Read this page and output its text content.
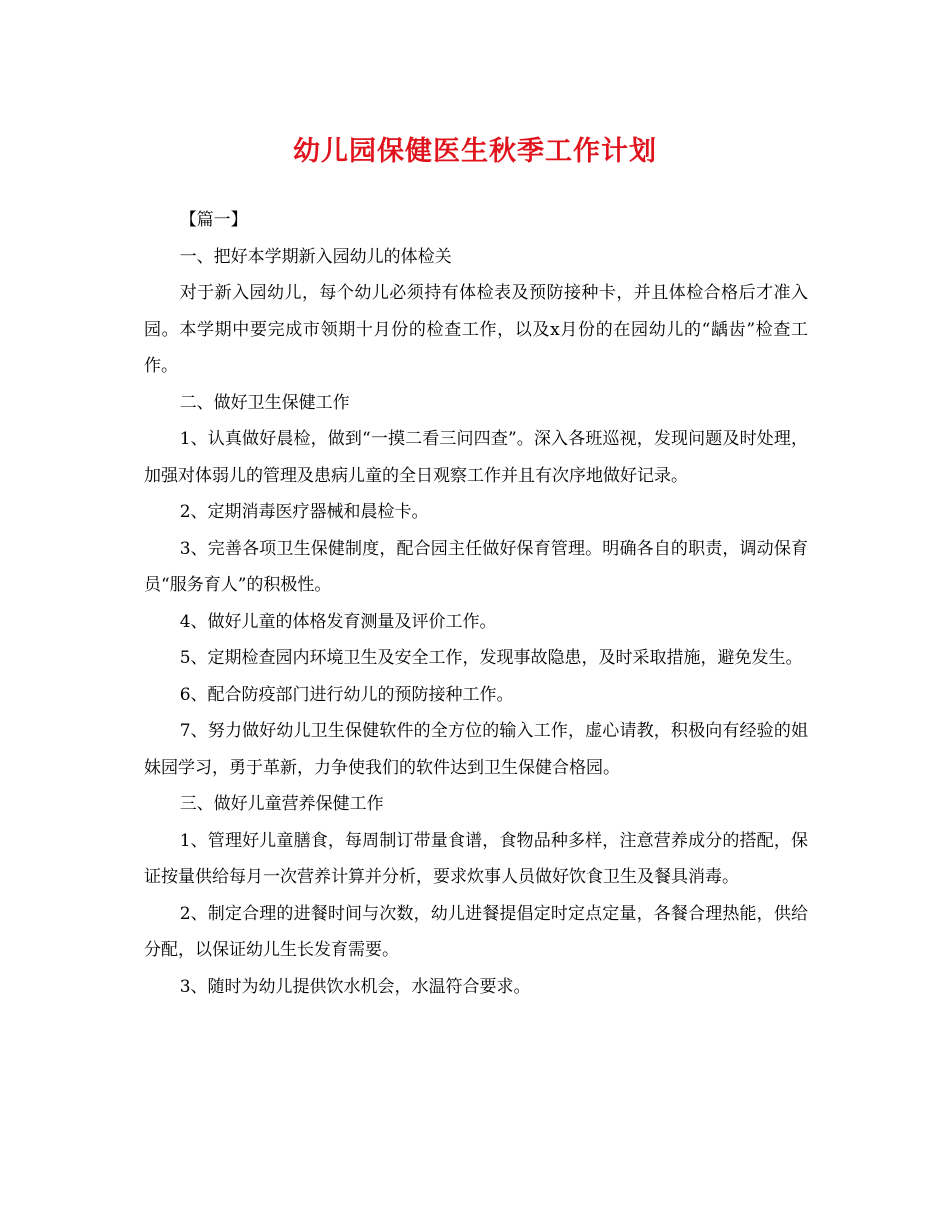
幼儿园保健医生秋季工作计划

【篇一】

一、把好本学期新入园幼儿的体检关

对于新入园幼儿，每个幼儿必须持有体检表及预防接种卡，并且体检合格后才准入园。本学期中要完成市领期十月份的检查工作，以及x月份的在园幼儿的“龋齿”检查工作。

二、做好卫生保健工作

1、认真做好晨检，做到“一摸二看三问四查”。深入各班巡视，发现问题及时处理，加强对体弱儿的管理及患病儿童的全日观察工作并且有次序地做好记录。

2、定期消毒医疗器械和晨检卡。

3、完善各项卫生保健制度，配合园主任做好保育管理。明确各自的职责，调动保育员“服务育人”的积极性。

4、做好儿童的体格发育测量及评价工作。

5、定期检查园内环境卫生及安全工作，发现事故隐患，及时采取措施，避免发生。

6、配合防疫部门进行幼儿的预防接种工作。

7、努力做好幼儿卫生保健软件的全方位的输入工作，虚心请教，积极向有经验的姐妹园学习，勇于革新，力争使我们的软件达到卫生保健合格园。

三、做好儿童营养保健工作

1、管理好儿童膳食，每周制订带量食谱，食物品种多样，注意营养成分的搭配，保证按量供给每月一次营养计算并分析，要求炊事人员做好饮食卫生及餐具消毒。

2、制定合理的进餐时间与次数，幼儿进餐提倡定时定点定量，各餐合理热能，供给分配，以保证幼儿生长发育需要。

3、随时为幼儿提供饮水机会，水温符合要求。
